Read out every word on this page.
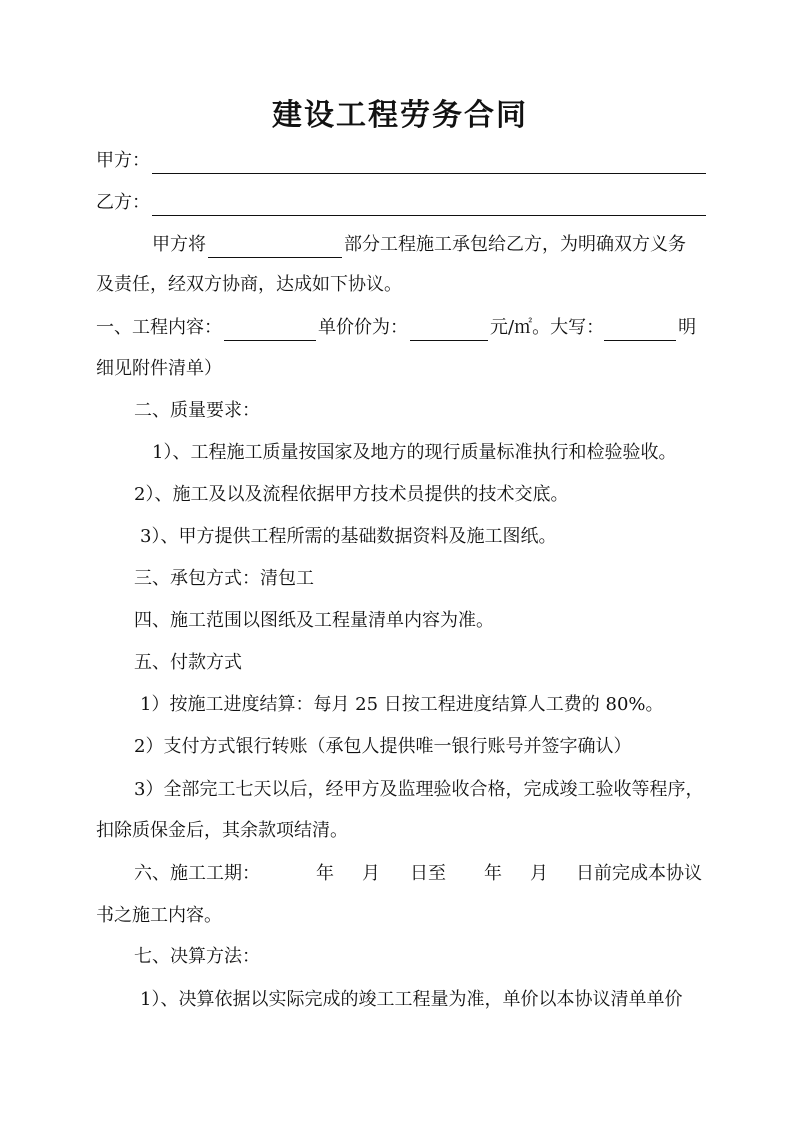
建设工程劳务合同
甲方：
乙方：
甲方将	部分工程施工承包给乙方，为明确双方义务
及责任，经双方协商，达成如下协议。
一、工程内容：	单价价为：	元/㎡。大写 ：	明
细见附件清单）
二、质量要求：
1）、工程施工质量按国家及地方的现行质量标准执行和检验验收。
2）、施工及以及流程依据甲方技术员提供的技术交底。
3）、甲方提供工程所需的基础数据资料及施工图纸。
三、承包方式：清包工
四、施工范围以图纸及工程量清单内容为准。
五、付款方式
1）按施工进度结算：每月 25 日按工程进度结算人工费的 80%。
2）支付方式银行转账（承包人提供唯一银行账号并签字确认）
3）全部完工七天以后，经甲方及监理验收合格，完成竣工验收等程序，
扣除质保金后，其余款项结清。
六、施工工期：	年 月 日至 年 月 日前完成本协议
书之施工内容。
七、决算方法：
1）、决算依据以实际完成的竣工工程量为准，单价以本协议清单单价
